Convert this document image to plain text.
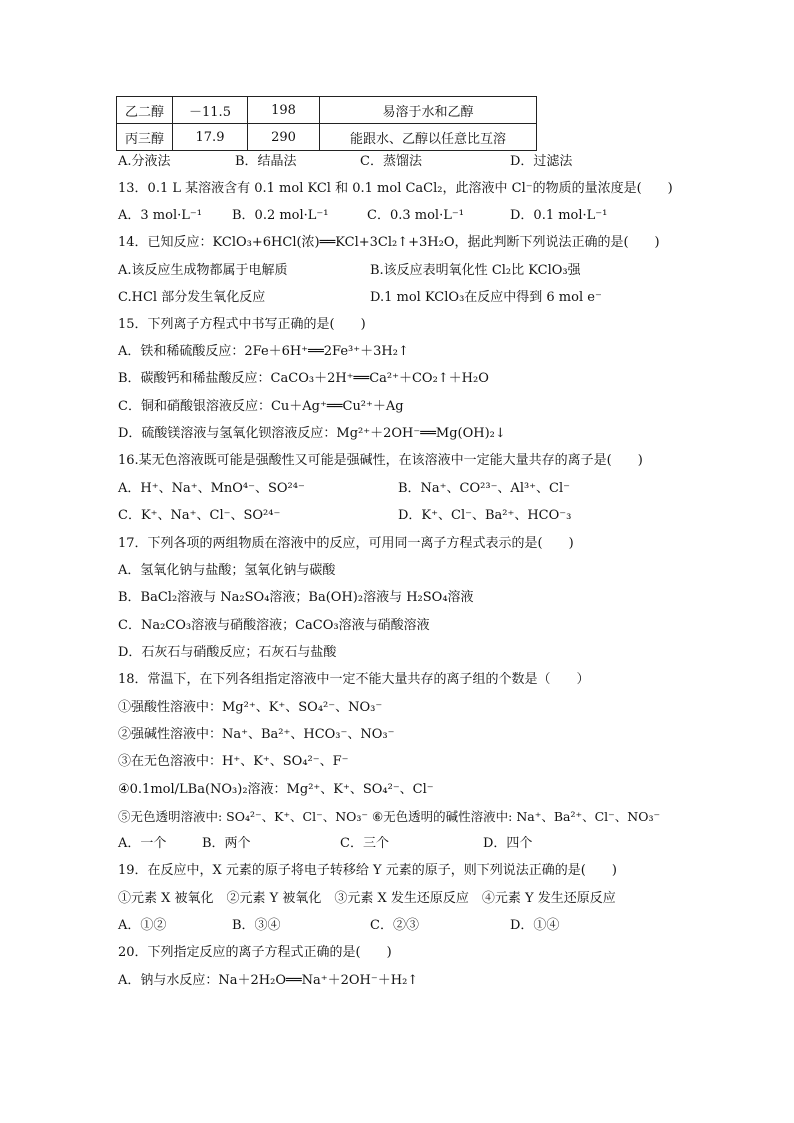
乙二醇	－11.5	198	易溶于水和乙醇
丙三醇	17.9	290	能跟水、乙醇以任意比互溶
A.分液法	B．结晶法	C．蒸馏法	D．过滤法
13．0.1 L 某溶液含有 0.1 mol KCl 和 0.1 mol CaCl₂，此溶液中 Cl⁻的物质的量浓度是(　　)
A．3 mol·L⁻¹ B．0.2 mol·L⁻¹	C．0.3 mol·L⁻¹	D．0.1 mol·L⁻¹
14．已知反应：KClO₃+6HCl(浓)══KCl+3Cl₂↑+3H₂O，据此判断下列说法正确的是(　　)
A.该反应生成物都属于电解质	B.该反应表明氧化性 Cl₂比 KClO₃强
C.HCl 部分发生氧化反应	D.1 mol KClO₃在反应中得到 6 mol e⁻
15．下列离子方程式中书写正确的是(　　)
A．铁和稀硫酸反应：2Fe＋6H⁺══2Fe³⁺＋3H₂↑
B．碳酸钙和稀盐酸反应：CaCO₃＋2H⁺══Ca²⁺＋CO₂↑＋H₂O
C．铜和硝酸银溶液反应：Cu＋Ag⁺══Cu²⁺＋Ag
D．硫酸镁溶液与氢氧化钡溶液反应：Mg²⁺＋2OH⁻══Mg(OH)₂↓
16.某无色溶液既可能是强酸性又可能是强碱性，在该溶液中一定能大量共存的离子是(　　)
A．H⁺、Na⁺、MnO⁴⁻、SO²⁴⁻	B．Na⁺、CO²³⁻、Al³⁺、Cl⁻
C．K⁺、Na⁺、Cl⁻、SO²⁴⁻	D．K⁺、Cl⁻、Ba²⁺、HCO⁻₃
17．下列各项的两组物质在溶液中的反应，可用同一离子方程式表示的是(　　)
A．氢氧化钠与盐酸；氢氧化钠与碳酸
B．BaCl₂溶液与 Na₂SO₄溶液；Ba(OH)₂溶液与 H₂SO₄溶液
C．Na₂CO₃溶液与硝酸溶液；CaCO₃溶液与硝酸溶液
D．石灰石与硝酸反应；石灰石与盐酸
18．常温下，在下列各组指定溶液中一定不能大量共存的离子组的个数是（　　）
①强酸性溶液中：Mg²⁺、K⁺、SO₄²⁻、NO₃⁻
②强碱性溶液中：Na⁺、Ba²⁺、HCO₃⁻、NO₃⁻
③在无色溶液中：H⁺、K⁺、SO₄²⁻、F⁻
④0.1mol/LBa(NO₃)₂溶液：Mg²⁺、K⁺、SO₄²⁻、Cl⁻
⑤无色透明溶液中: SO₄²⁻、K⁺、Cl⁻、NO₃⁻ ⑥无色透明的碱性溶液中: Na⁺、Ba²⁺、Cl⁻、NO₃⁻
A．一个	B．两个	C．三个	D．四个
19．在反应中，X 元素的原子将电子转移给 Y 元素的原子，则下列说法正确的是(　　)
①元素 X 被氧化　②元素 Y 被氧化　③元素 X 发生还原反应　④元素 Y 发生还原反应
A．①②	B．③④	C．②③	D．①④
20．下列指定反应的离子方程式正确的是(　　)
A．钠与水反应：Na＋2H₂O══Na⁺＋2OH⁻＋H₂↑
